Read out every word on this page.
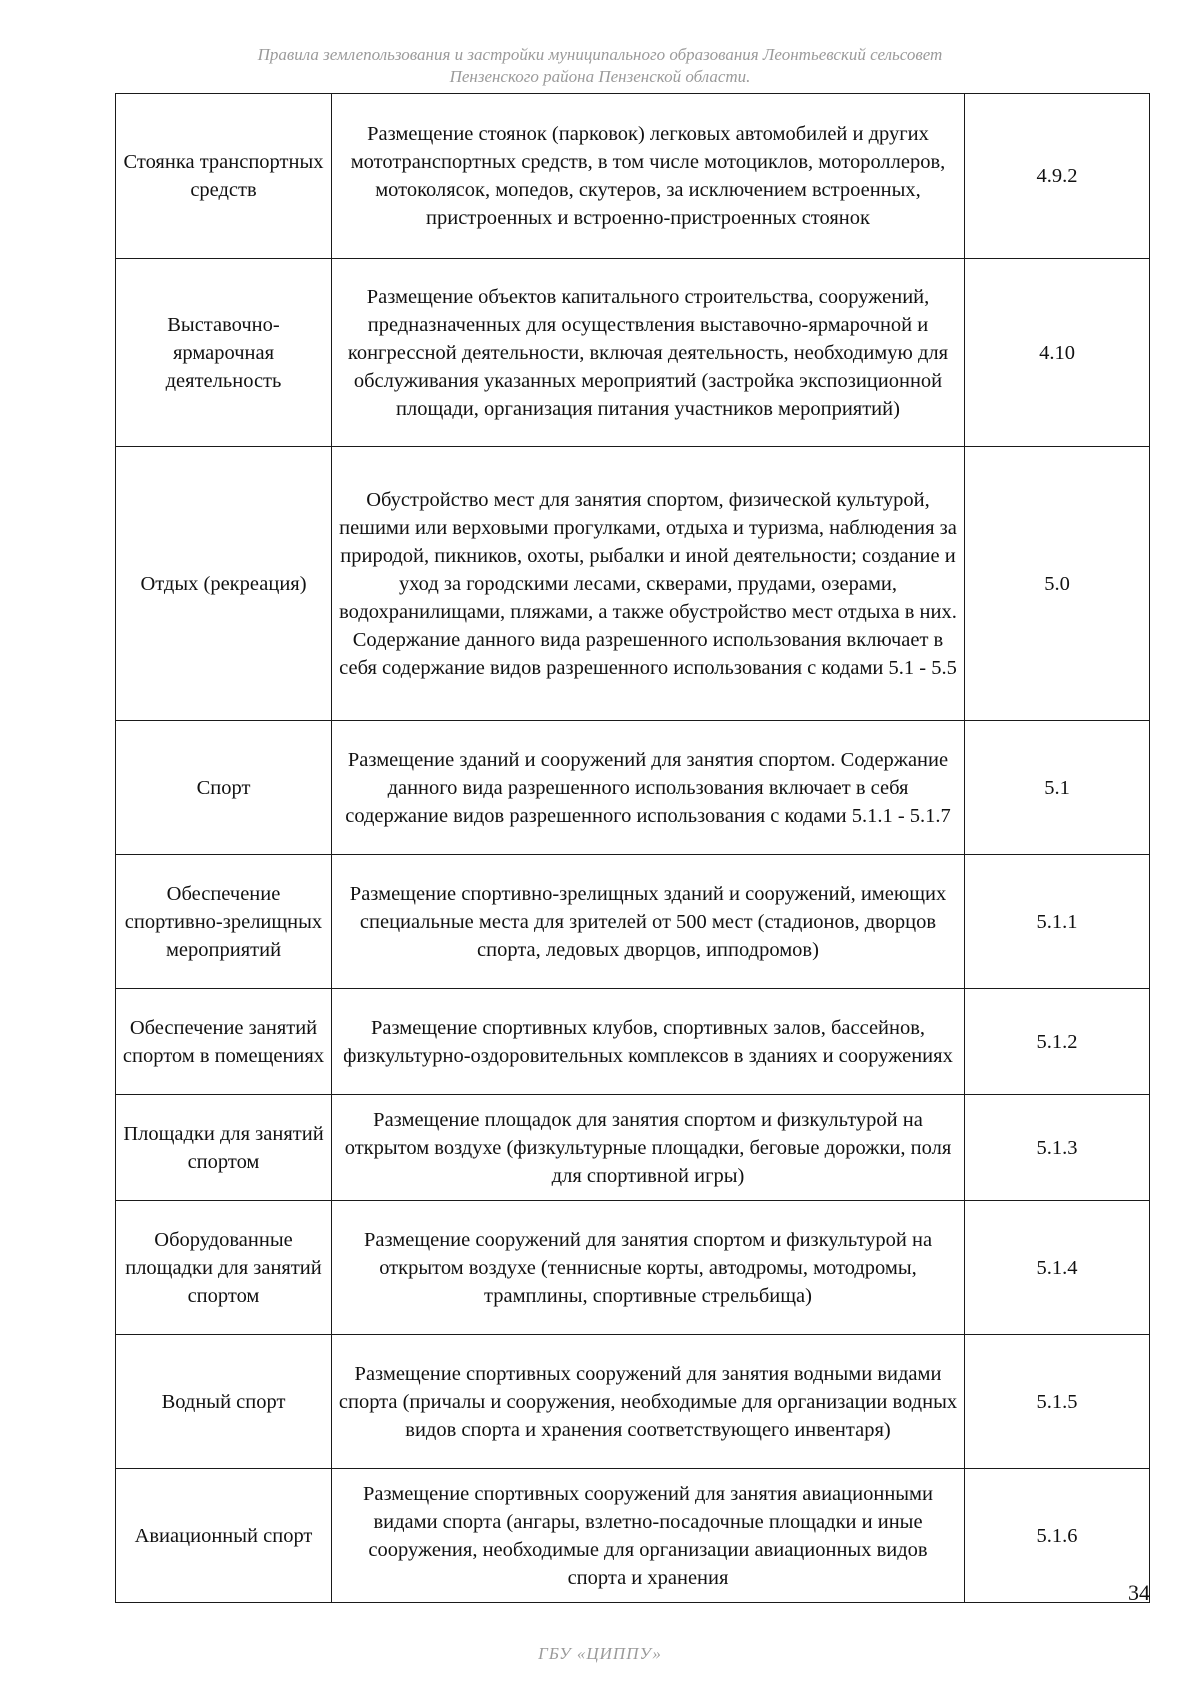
Правила землепользования и застройки муниципального образования Леонтьевский сельсовет
Пензенского района Пензенской области.
Стоянка транспортных средств	Размещение стоянок (парковок) легковых автомобилей и других мототранспортных средств, в том числе мотоциклов, мотороллеров, мотоколясок, мопедов, скутеров, за исключением встроенных, пристроенных и встроенно-пристроенных стоянок	4.9.2
Выставочно-ярмарочная деятельность	Размещение объектов капитального строительства, сооружений, предназначенных для осуществления выставочно-ярмарочной и конгрессной деятельности, включая деятельность, необходимую для обслуживания указанных мероприятий (застройка экспозиционной площади, организация питания участников мероприятий)	4.10
Отдых (рекреация)	Обустройство мест для занятия спортом, физической культурой, пешими или верховыми прогулками, отдыха и туризма, наблюдения за природой, пикников, охоты, рыбалки и иной деятельности; создание и уход за городскими лесами, скверами, прудами, озерами, водохранилищами, пляжами, а также обустройство мест отдыха в них. Содержание данного вида разрешенного использования включает в себя содержание видов разрешенного использования с кодами 5.1 - 5.5	5.0
Спорт	Размещение зданий и сооружений для занятия спортом. Содержание данного вида разрешенного использования включает в себя содержание видов разрешенного использования с кодами 5.1.1 - 5.1.7	5.1
Обеспечение спортивно-зрелищных мероприятий	Размещение спортивно-зрелищных зданий и сооружений, имеющих специальные места для зрителей от 500 мест (стадионов, дворцов спорта, ледовых дворцов, ипподромов)	5.1.1
Обеспечение занятий спортом в помещениях	Размещение спортивных клубов, спортивных залов, бассейнов, физкультурно-оздоровительных комплексов в зданиях и сооружениях	5.1.2
Площадки для занятий спортом	Размещение площадок для занятия спортом и физкультурой на открытом воздухе (физкультурные площадки, беговые дорожки, поля для спортивной игры)	5.1.3
Оборудованные площадки для занятий спортом	Размещение сооружений для занятия спортом и физкультурой на открытом воздухе (теннисные корты, автодромы, мотодромы, трамплины, спортивные стрельбища)	5.1.4
Водный спорт	Размещение спортивных сооружений для занятия водными видами спорта (причалы и сооружения, необходимые для организации водных видов спорта и хранения соответствующего инвентаря)	5.1.5
Авиационный спорт	Размещение спортивных сооружений для занятия авиационными видами спорта (ангары, взлетно-посадочные площадки и иные сооружения, необходимые для организации авиационных видов спорта и хранения	5.1.6
34
ГБУ «ЦИППУ»
